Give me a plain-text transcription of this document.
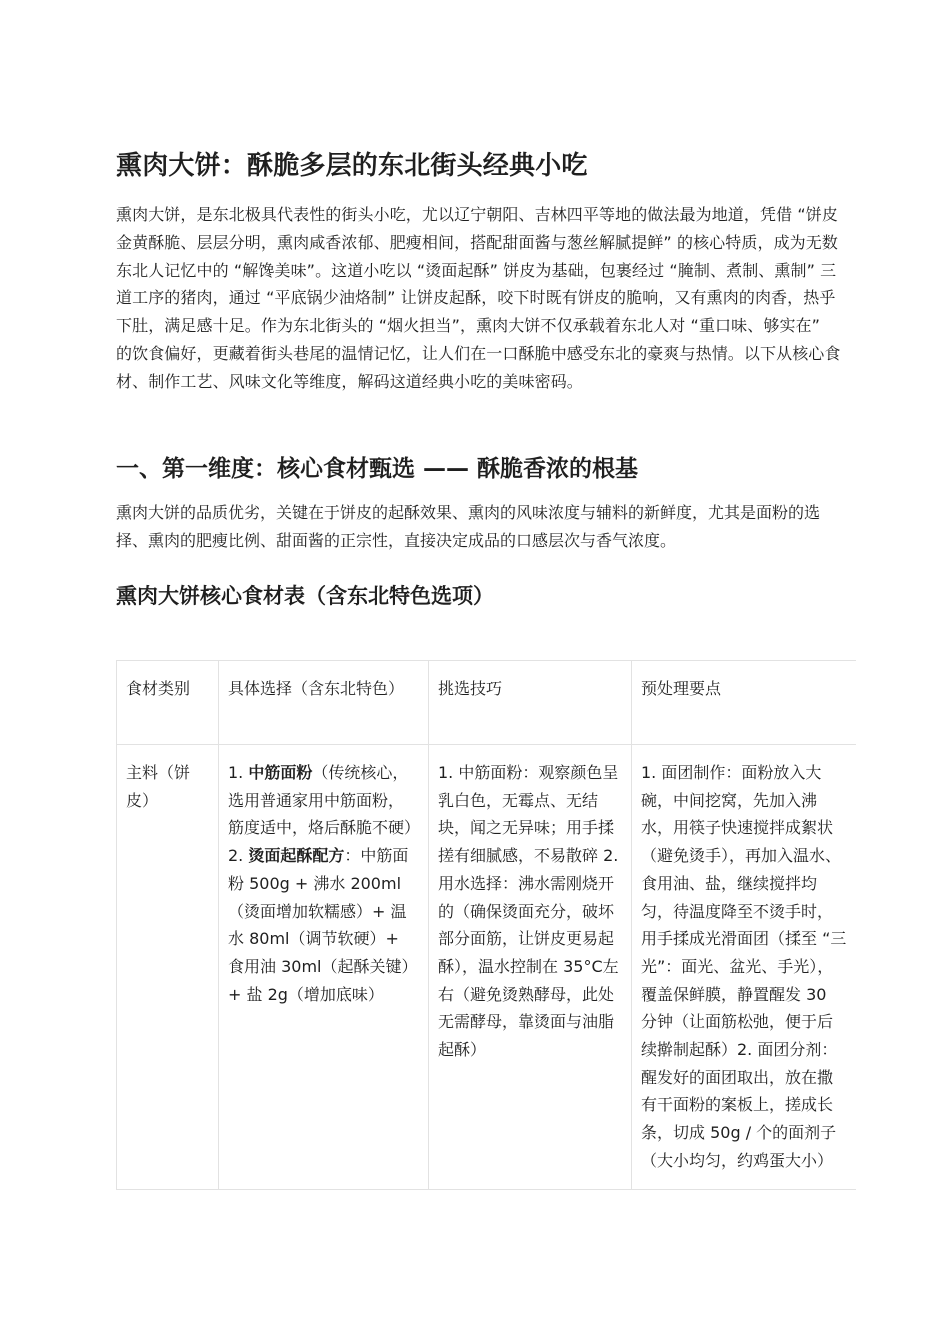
熏肉大饼：酥脆多层的东北街头经典小吃

熏肉大饼，是东北极具代表性的街头小吃，尤以辽宁朝阳、吉林四平等地的做法最为地道，凭借 “饼皮金黄酥脆、层层分明，熏肉咸香浓郁、肥瘦相间，搭配甜面酱与葱丝解腻提鲜” 的核心特质，成为无数东北人记忆中的 “解馋美味”。这道小吃以 “烫面起酥” 饼皮为基础，包裹经过 “腌制、煮制、熏制” 三道工序的猪肉，通过 “平底锅少油烙制” 让饼皮起酥，咬下时既有饼皮的脆响，又有熏肉的肉香，热乎下肚，满足感十足。作为东北街头的 “烟火担当”，熏肉大饼不仅承载着东北人对 “重口味、够实在” 的饮食偏好，更藏着街头巷尾的温情记忆，让人们在一口酥脆中感受东北的豪爽与热情。以下从核心食材、制作工艺、风味文化等维度，解码这道经典小吃的美味密码。

一、第一维度：核心食材甄选 —— 酥脆香浓的根基

熏肉大饼的品质优劣，关键在于饼皮的起酥效果、熏肉的风味浓度与辅料的新鲜度，尤其是面粉的选择、熏肉的肥瘦比例、甜面酱的正宗性，直接决定成品的口感层次与香气浓度。

熏肉大饼核心食材表（含东北特色选项）
食材类别	具体选择（含东北特色）	挑选技巧	预处理要点
主料（饼皮）	1. 中筋面粉（传统核心，选用普通家用中筋面粉，筋度适中，烙后酥脆不硬）2. 烫面起酥配方：中筋面粉 500g + 沸水 200ml（烫面增加软糯感）+ 温水 80ml（调节软硬）+ 食用油 30ml（起酥关键）+ 盐 2g（增加底味）	1. 中筋面粉：观察颜色呈乳白色，无霉点、无结块，闻之无异味；用手揉搓有细腻感，不易散碎 2. 用水选择：沸水需刚烧开的（确保烫面充分，破坏部分面筋，让饼皮更易起酥），温水控制在 35°C左右（避免烫熟酵母，此处无需酵母，靠烫面与油脂起酥）	1. 面团制作：面粉放入大碗，中间挖窝，先加入沸水，用筷子快速搅拌成絮状（避免烫手），再加入温水、食用油、盐，继续搅拌均匀，待温度降至不烫手时，用手揉成光滑面团（揉至 “三光”：面光、盆光、手光），覆盖保鲜膜，静置醒发 30 分钟（让面筋松弛，便于后续擀制起酥）2. 面团分剂：醒发好的面团取出，放在撒有干面粉的案板上，搓成长条，切成 50g / 个的面剂子（大小均匀，约鸡蛋大小）
